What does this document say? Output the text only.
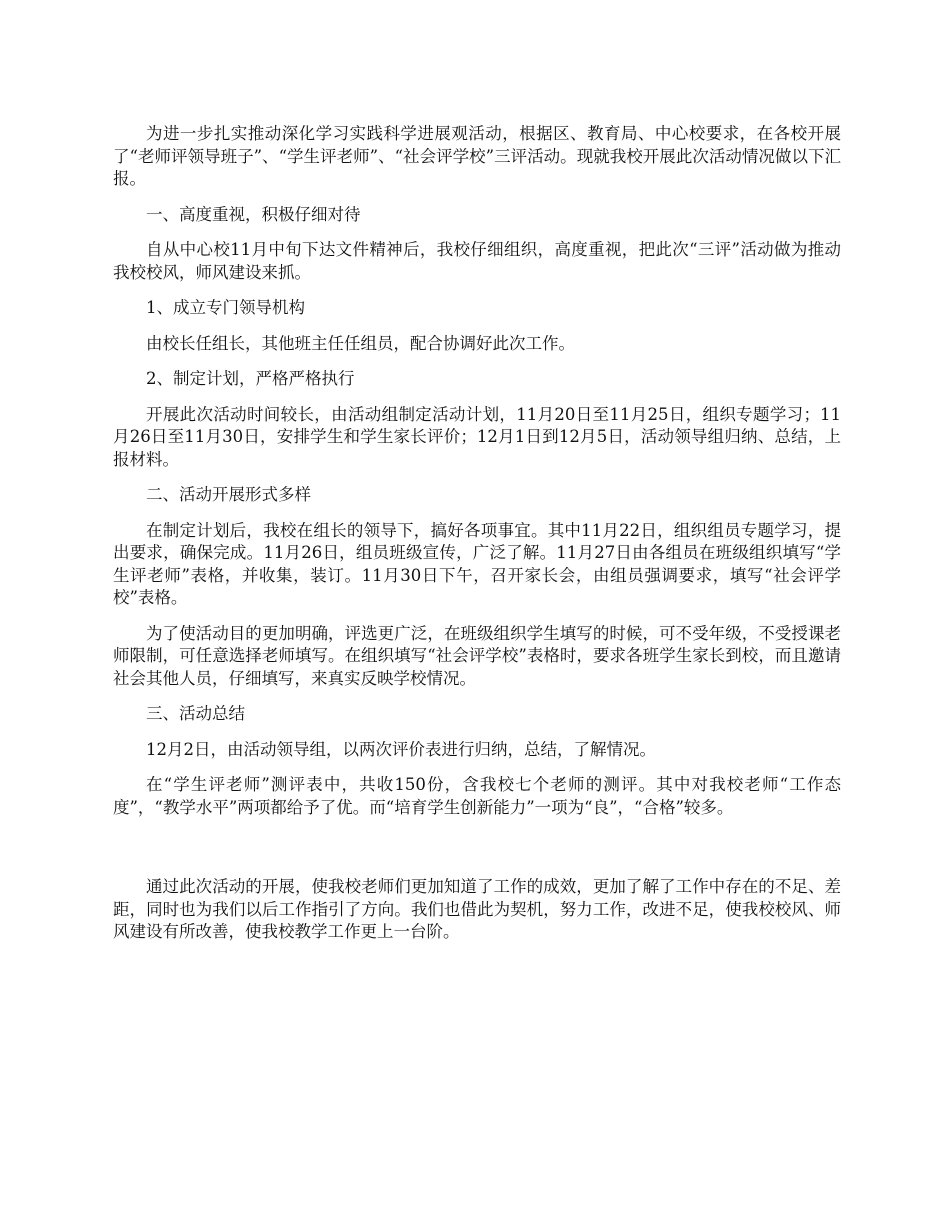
为进一步扎实推动深化学习实践科学进展观活动，根据区、教育局、中心校要求，在各校开展了“老师评领导班子”、“学生评老师”、“社会评学校”三评活动。现就我校开展此次活动情况做以下汇报。

一、高度重视，积极仔细对待

自从中心校11月中旬下达文件精神后，我校仔细组织，高度重视，把此次“三评”活动做为推动我校校风，师风建设来抓。

1、成立专门领导机构

由校长任组长，其他班主任任组员，配合协调好此次工作。

2、制定计划，严格严格执行

开展此次活动时间较长，由活动组制定活动计划，11月20日至11月25日，组织专题学习；11月26日至11月30日，安排学生和学生家长评价；12月1日到12月5日，活动领导组归纳、总结，上报材料。

二、活动开展形式多样

在制定计划后，我校在组长的领导下，搞好各项事宜。其中11月22日，组织组员专题学习，提出要求，确保完成。11月26日，组员班级宣传，广泛了解。11月27日由各组员在班级组织填写“学生评老师”表格，并收集，装订。11月30日下午，召开家长会，由组员强调要求，填写“社会评学校”表格。

为了使活动目的更加明确，评选更广泛，在班级组织学生填写的时候，可不受年级，不受授课老师限制，可任意选择老师填写。在组织填写“社会评学校”表格时，要求各班学生家长到校，而且邀请社会其他人员，仔细填写，来真实反映学校情况。

三、活动总结

12月2日，由活动领导组，以两次评价表进行归纳，总结，了解情况。

在“学生评老师”测评表中，共收150份，含我校七个老师的测评。其中对我校老师“工作态度”，“教学水平”两项都给予了优。而“培育学生创新能力”一项为“良”，“合格”较多。

通过此次活动的开展，使我校老师们更加知道了工作的成效，更加了解了工作中存在的不足、差距，同时也为我们以后工作指引了方向。我们也借此为契机，努力工作，改进不足，使我校校风、师风建设有所改善，使我校教学工作更上一台阶。
